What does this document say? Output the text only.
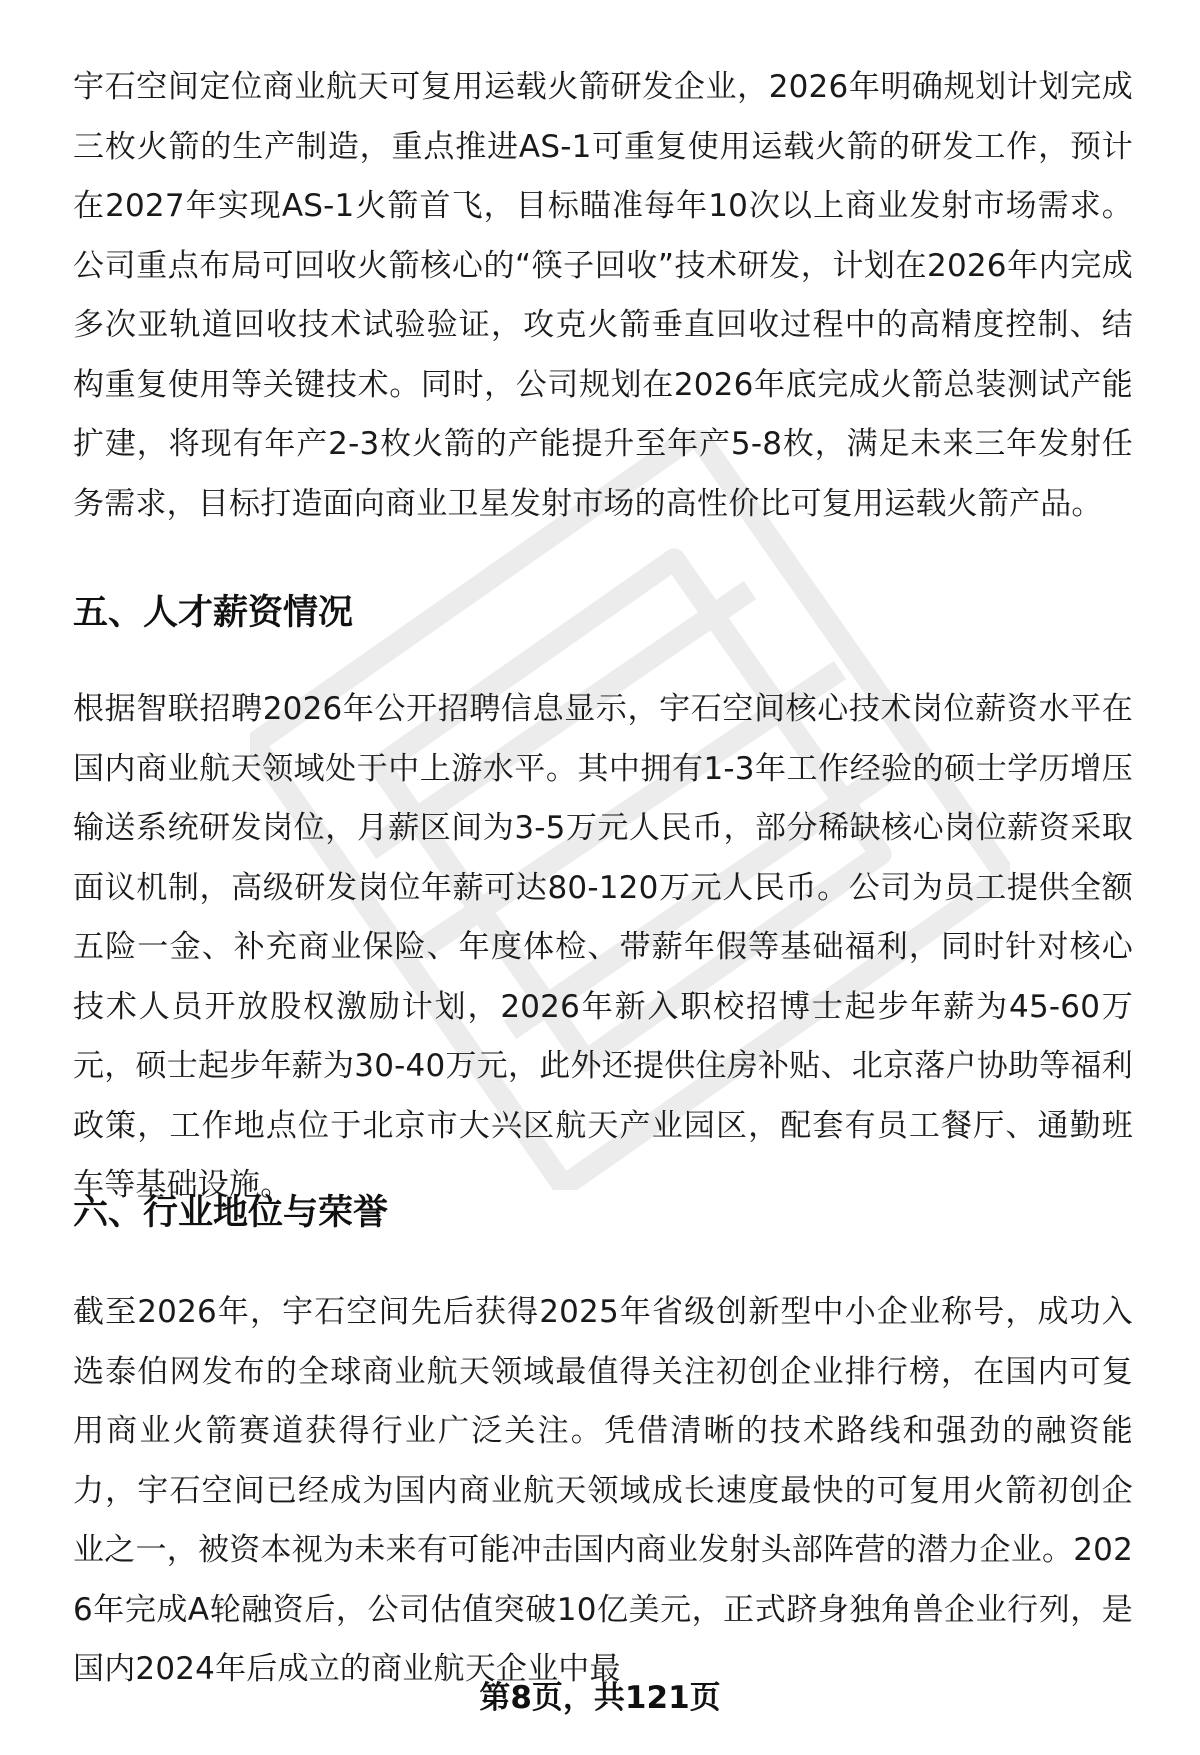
宇石空间定位商业航天可复用运载火箭研发企业，2026年明确规划计划完成三枚火箭的生产制造，重点推进AS-1可重复使用运载火箭的研发工作，预计在2027年实现AS-1火箭首飞，目标瞄准每年10次以上商业发射市场需求。公司重点布局可回收火箭核心的“筷子回收”技术研发，计划在2026年内完成多次亚轨道回收技术试验验证，攻克火箭垂直回收过程中的高精度控制、结构重复使用等关键技术。同时，公司规划在2026年底完成火箭总装测试产能扩建，将现有年产2-3枚火箭的产能提升至年产5-8枚，满足未来三年发射任务需求，目标打造面向商业卫星发射市场的高性价比可复用运载火箭产品。

五、人才薪资情况

根据智联招聘2026年公开招聘信息显示，宇石空间核心技术岗位薪资水平在国内商业航天领域处于中上游水平。其中拥有1-3年工作经验的硕士学历增压输送系统研发岗位，月薪区间为3-5万元人民币，部分稀缺核心岗位薪资采取面议机制，高级研发岗位年薪可达80-120万元人民币。公司为员工提供全额五险一金、补充商业保险、年度体检、带薪年假等基础福利，同时针对核心技术人员开放股权激励计划，2026年新入职校招博士起步年薪为45-60万元，硕士起步年薪为30-40万元，此外还提供住房补贴、北京落户协助等福利政策，工作地点位于北京市大兴区航天产业园区，配套有员工餐厅、通勤班车等基础设施。

六、行业地位与荣誉

截至2026年，宇石空间先后获得2025年省级创新型中小企业称号，成功入选泰伯网发布的全球商业航天领域最值得关注初创企业排行榜，在国内可复用商业火箭赛道获得行业广泛关注。凭借清晰的技术路线和强劲的融资能力，宇石空间已经成为国内商业航天领域成长速度最快的可复用火箭初创企业之一，被资本视为未来有可能冲击国内商业发射头部阵营的潜力企业。2026年完成A轮融资后，公司估值突破10亿美元，正式跻身独角兽企业行列，是国内2024年后成立的商业航天企业中最

第8页，共121页
